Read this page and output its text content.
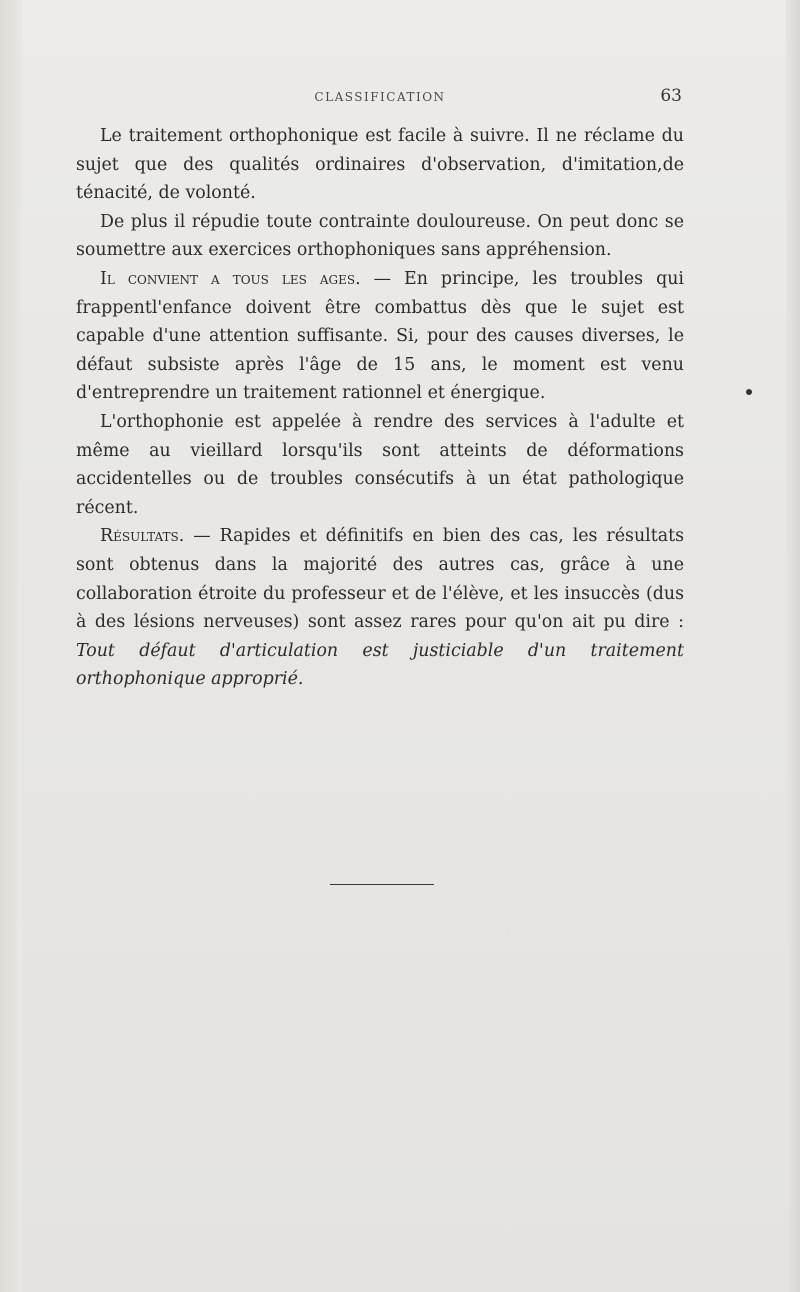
CLASSIFICATION	63

Le traitement orthophonique est facile à suivre. Il ne réclame du sujet que des qualités ordinaires d'observation, d'imitation,de ténacité, de volonté.

De plus il répudie toute contrainte douloureuse. On peut donc se soumettre aux exercices orthophoniques sans appréhension.

Il convient a tous les ages. — En principe, les troubles qui frappentl'enfance doivent être combattus dès que le sujet est capable d'une attention suffisante. Si, pour des causes diverses, le défaut subsiste après l'âge de 15 ans, le moment est venu d'entreprendre un traitement rationnel et énergique.

L'orthophonie est appelée à rendre des services à l'adulte et même au vieillard lorsqu'ils sont atteints de déformations accidentelles ou de troubles consécutifs à un état pathologique récent.

Résultats. — Rapides et définitifs en bien des cas, les résultats sont obtenus dans la majorité des autres cas, grâce à une collaboration étroite du professeur et de l'élève, et les insuccès (dus à des lésions nerveuses) sont assez rares pour qu'on ait pu dire : Tout défaut d'articulation est justiciable d'un traitement orthophonique approprié.
